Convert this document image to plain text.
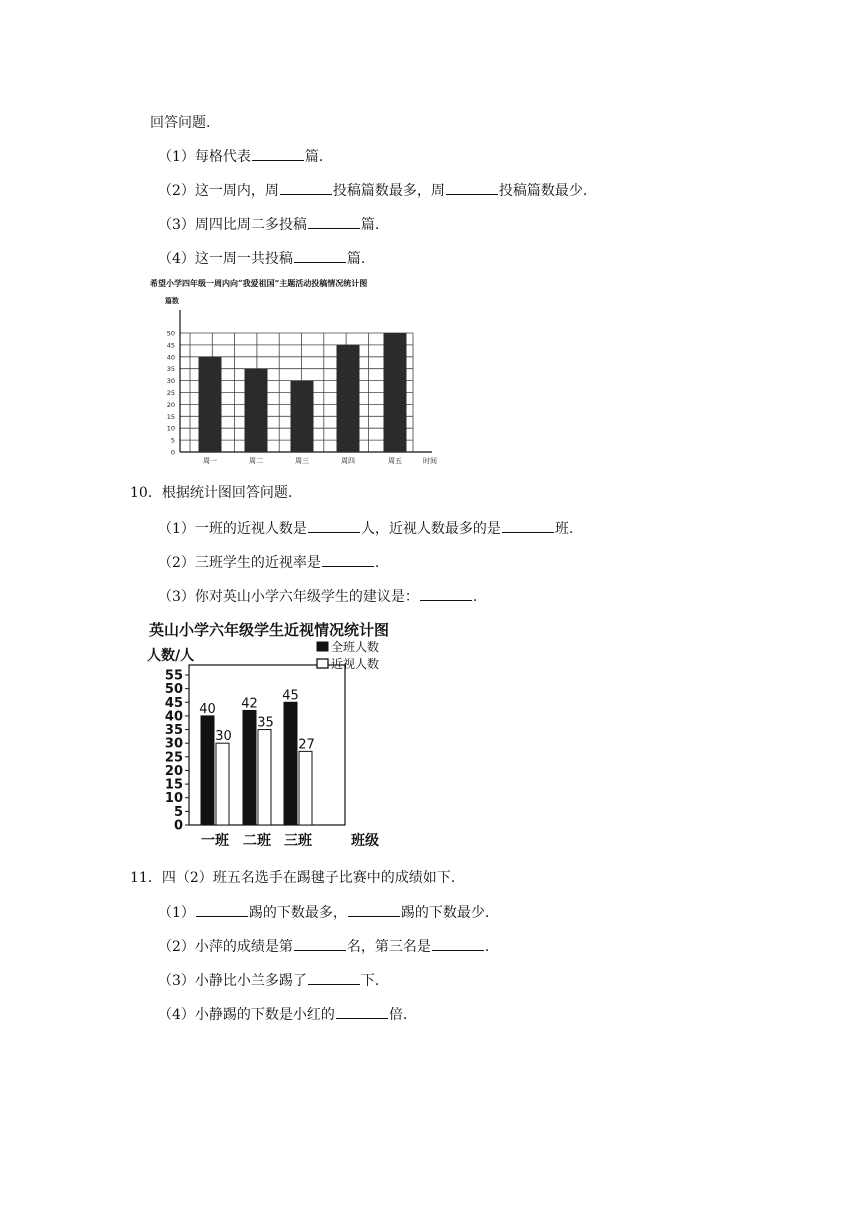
回答问题.
（1）每格代表	篇.
（2）这一周内，周	投稿篇数最多，周	投稿篇数最少.
（3）周四比周二多投稿	篇.
（4）这一周一共投稿	篇.
希望小学四年级一周内向“我爱祖国”主题活动投稿情况统计图
0
5
10
15
20
25
30
35
40
45
50
篇数
时间
周一	周二	周三	周四	周五
10．根据统计图回答问题.
（1）一班的近视人数是	人，近视人数最多的是	班.
（2）三班学生的近视率是	.
（3）你对英山小学六年级学生的建议是：	.
英山小学六年级学生近视情况统计图
0
5
10
15
20
25
30
35
40
45
50
55
人数/人
班级
全班人数
近视人数
40
30
一班
42
35
二班
45
27
三班
11．四（2）班五名选手在踢毽子比赛中的成绩如下.
（1）	踢的下数最多，	踢的下数最少.
（2）小萍的成绩是第	名，第三名是	.
（3）小静比小兰多踢了	下.
（4）小静踢的下数是小红的	倍.
